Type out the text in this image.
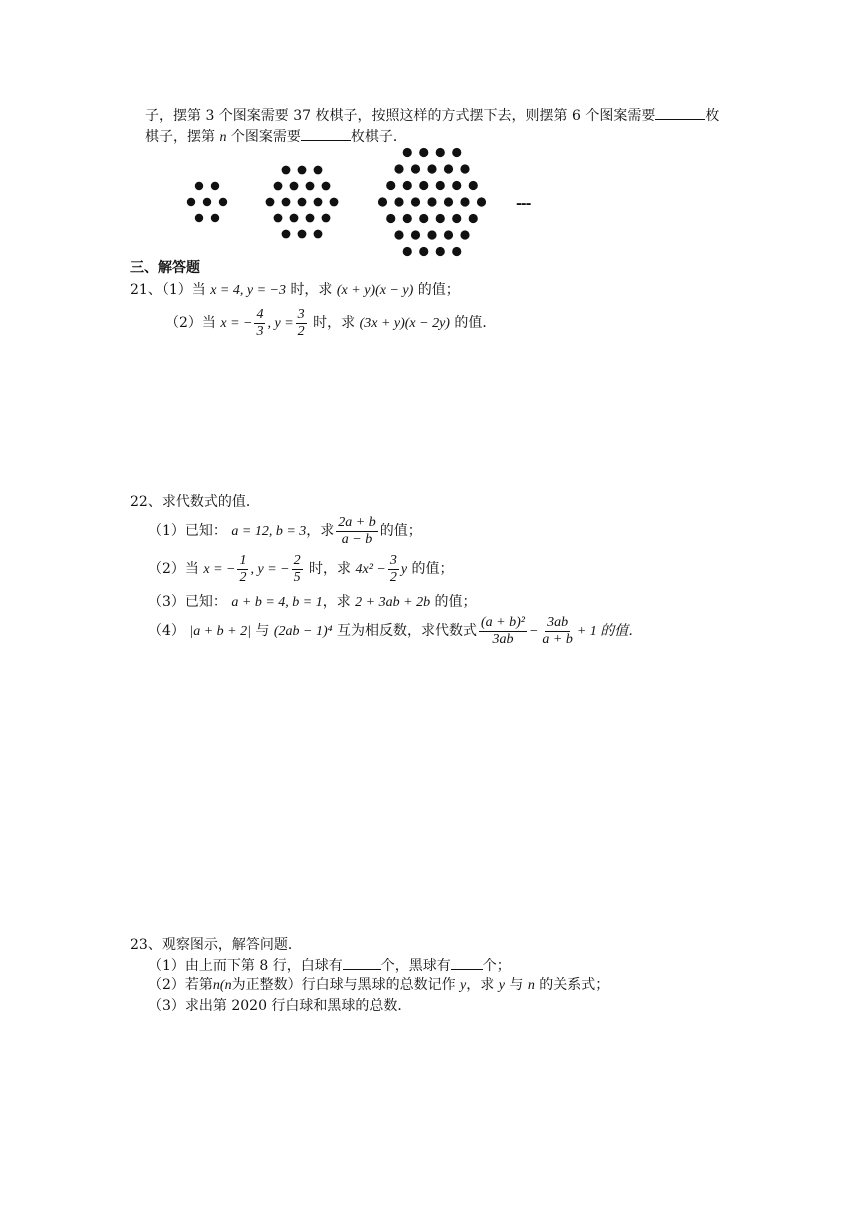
子，摆第 3 个图案需要 37 枚棋子，按照这样的方式摆下去，则摆第 6 个图案需要	枚
棋子，摆第 n 个图案需要	枚棋子．
---
三、解答题
21、（1）当 x = 4, y = −3 时，求 (x + y)(x − y) 的值；
（2）当 x = − $\frac{4}{3}$ , $y = \frac{3}{2}$ 时，求 (3x + y)(x − 2y) 的值．
22、求代数式的值．
（1）已知： a = 12, b = 3，求 $\frac{2a + b}{a - b}$ 的值；
（2）当 x = − $\frac{1}{2}$ , y = − $\frac{2}{5}$ 时，求 $4x^2 - \frac{3}{2}$ y 的值；
（3）已知： a + b = 4, b = 1，求 2 + 3ab + 2b 的值；
（4） |a + b + 2| 与 (2ab − 1)⁴ 互为相反数，求代数式 $\frac{\text{(a + b)²}}{3ab} - \frac{3ab}{a + b} + 1$ 的值．
23、观察图示，解答问题．
（1）由上而下第 8 行，白球有	个，黑球有 个；
（2）若第n(n为正整数）行白球与黑球的总数记作 y，求 y 与 n 的关系式；
（3）求出第 2020 行白球和黑球的总数．
